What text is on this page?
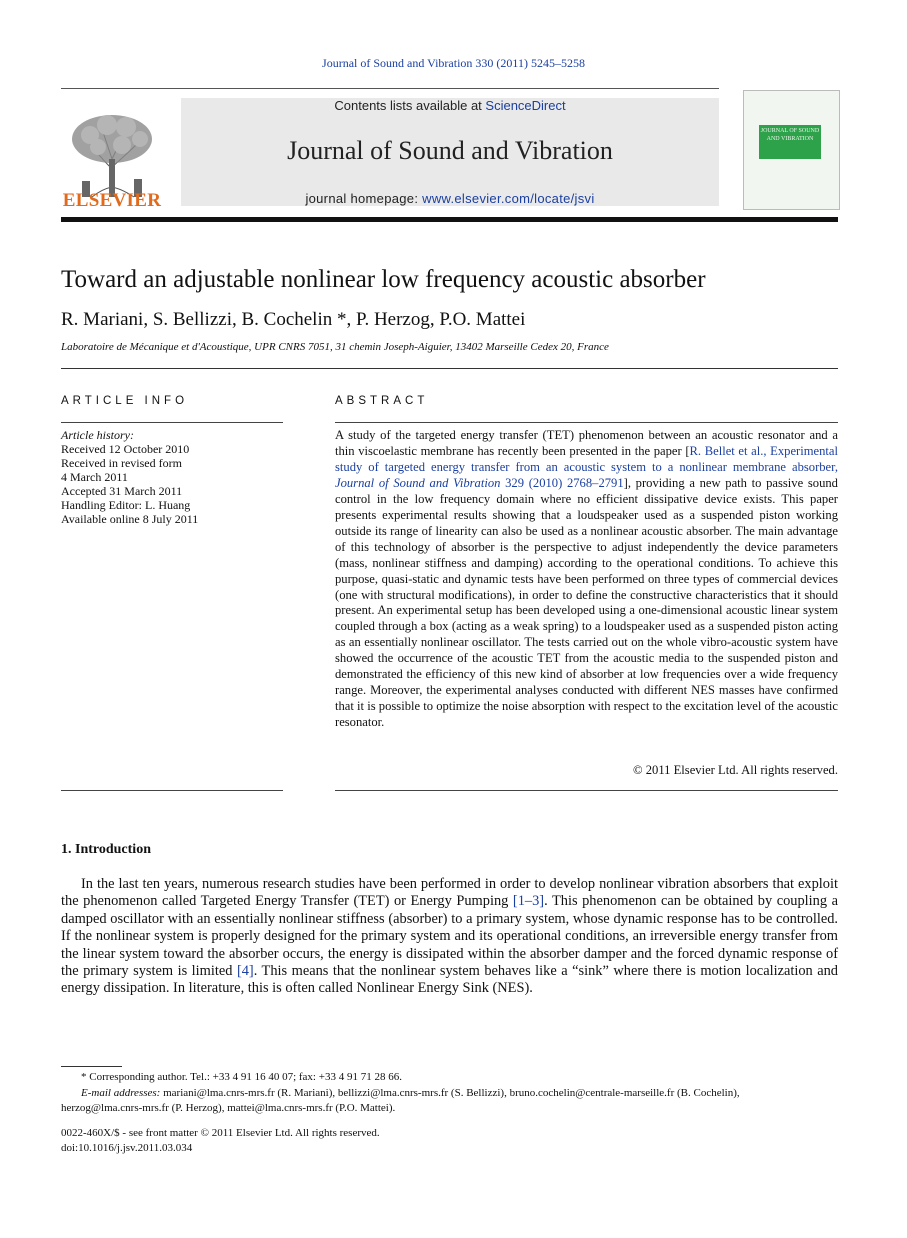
Journal of Sound and Vibration 330 (2011) 5245–5258
Contents lists available at ScienceDirect
Journal of Sound and Vibration
journal homepage: www.elsevier.com/locate/jsvi
ELSEVIER
JOURNAL OF SOUND AND VIBRATION
Toward an adjustable nonlinear low frequency acoustic absorber
R. Mariani, S. Bellizzi, B. Cochelin *, P. Herzog, P.O. Mattei
Laboratoire de Mécanique et d'Acoustique, UPR CNRS 7051, 31 chemin Joseph-Aiguier, 13402 Marseille Cedex 20, France
ARTICLE INFO
Article history:
Received 12 October 2010
Received in revised form
4 March 2011
Accepted 31 March 2011
Handling Editor: L. Huang
Available online 8 July 2011
ABSTRACT
A study of the targeted energy transfer (TET) phenomenon between an acoustic resonator and a thin viscoelastic membrane has recently been presented in the paper [R. Bellet et al., Experimental study of targeted energy transfer from an acoustic system to a nonlinear membrane absorber, Journal of Sound and Vibration 329 (2010) 2768–2791], providing a new path to passive sound control in the low frequency domain where no efficient dissipative device exists. This paper presents experimental results showing that a loudspeaker used as a suspended piston working outside its range of linearity can also be used as a nonlinear acoustic absorber. The main advantage of this technology of absorber is the perspective to adjust independently the device parameters (mass, nonlinear stiffness and damping) according to the operational conditions. To achieve this purpose, quasi-static and dynamic tests have been performed on three types of commercial devices (one with structural modifications), in order to define the constructive characteristics that it should present. An experimental setup has been developed using a one-dimensional acoustic linear system coupled through a box (acting as a weak spring) to a loudspeaker used as a suspended piston acting as an essentially nonlinear oscillator. The tests carried out on the whole vibro-acoustic system have showed the occurrence of the acoustic TET from the acoustic media to the suspended piston and demonstrated the efficiency of this new kind of absorber at low frequencies over a wide frequency range. Moreover, the experimental analyses conducted with different NES masses have confirmed that it is possible to optimize the noise absorption with respect to the excitation level of the acoustic resonator.
© 2011 Elsevier Ltd. All rights reserved.
1. Introduction
In the last ten years, numerous research studies have been performed in order to develop nonlinear vibration absorbers that exploit the phenomenon called Targeted Energy Transfer (TET) or Energy Pumping [1–3]. This phenomenon can be obtained by coupling a damped oscillator with an essentially nonlinear stiffness (absorber) to a primary system, whose dynamic response has to be controlled. If the nonlinear system is properly designed for the primary system and its operational conditions, an irreversible energy transfer from the linear system toward the absorber occurs, the energy is dissipated within the absorber damper and the forced dynamic response of the primary system is limited [4]. This means that the nonlinear system behaves like a “sink” where there is motion localization and energy dissipation. In literature, this is often called Nonlinear Energy Sink (NES).
* Corresponding author. Tel.: +33 4 91 16 40 07; fax: +33 4 91 71 28 66.
E-mail addresses: mariani@lma.cnrs-mrs.fr (R. Mariani), bellizzi@lma.cnrs-mrs.fr (S. Bellizzi), bruno.cochelin@centrale-marseille.fr (B. Cochelin),
herzog@lma.cnrs-mrs.fr (P. Herzog), mattei@lma.cnrs-mrs.fr (P.O. Mattei).
0022-460X/$ - see front matter © 2011 Elsevier Ltd. All rights reserved.
doi:10.1016/j.jsv.2011.03.034
